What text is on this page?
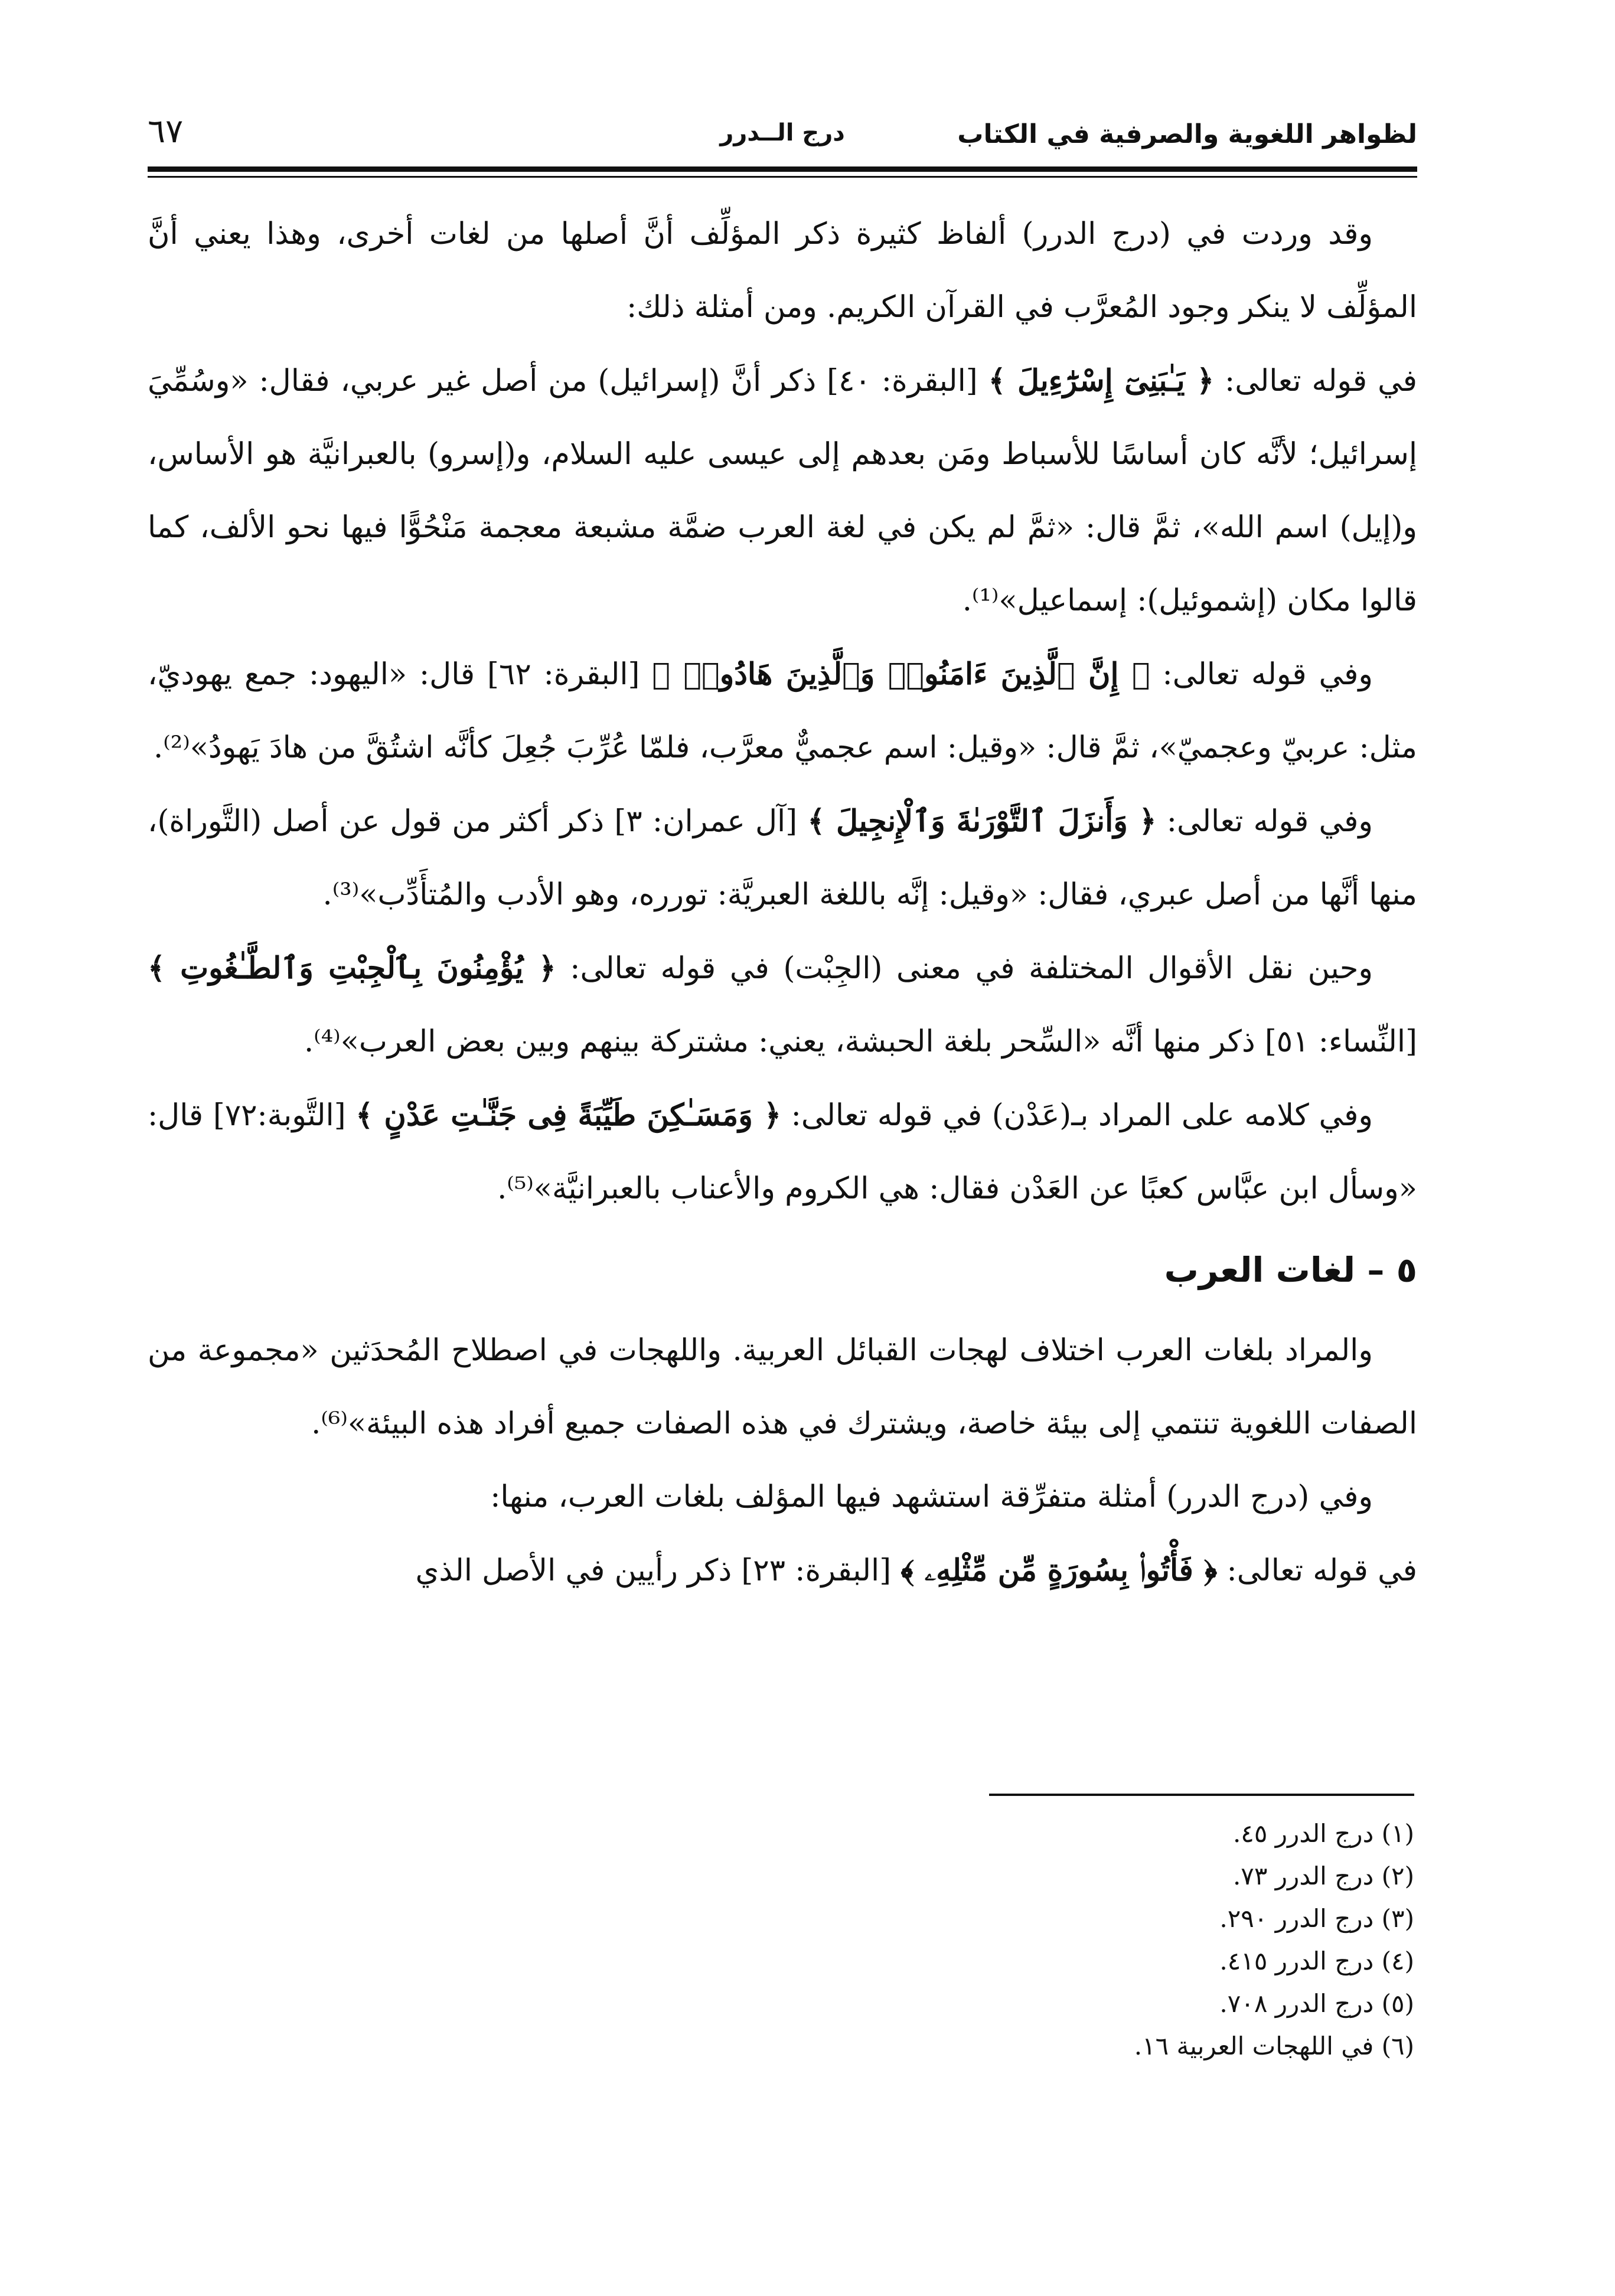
لظواهر اللغوية والصرفية في الكتاب
درج الــدرر
٦٧

وقد وردت في (درج الدرر) ألفاظ كثيرة ذكر المؤلِّف أنَّ أصلها من لغات أخرى، وهذا يعني أنَّ المؤلِّف لا ينكر وجود المُعرَّب في القرآن الكريم. ومن أمثلة ذلك:

في قوله تعالى: ﴿ يَـٰبَنِىٓ إِسْرَٰٓءِيلَ ﴾ [البقرة: ٤٠] ذكر أنَّ (إسرائيل) من أصل غير عربي، فقال: «وسُمِّيَ إسرائيل؛ لأنَّه كان أساسًا للأسباط ومَن بعدهم إلى عيسى عليه السلام، و(إسرو) بالعبرانيَّة هو الأساس، و(إيل) اسم الله»، ثمَّ قال: «ثمَّ لم يكن في لغة العرب ضمَّة مشبعة معجمة مَنْحُوًّا فيها نحو الألف، كما قالوا مكان (إشموئيل): إسماعيل»⁽¹⁾.

وفي قوله تعالى: ﴿ إِنَّ ٱلَّذِينَ ءَامَنُوا۟ وَٱلَّذِينَ هَادُوا۟ ﴾ [البقرة: ٦٢] قال: «اليهود: جمع يهوديّ، مثل: عربيّ وعجميّ»، ثمَّ قال: «وقيل: اسم عجميٌّ معرَّب، فلمّا عُرِّبَ جُعِلَ كأنَّه اشتُقَّ من هادَ يَهودُ»⁽²⁾.

وفي قوله تعالى: ﴿ وَأَنزَلَ ٱلتَّوْرَىٰةَ وَٱلْإِنجِيلَ ﴾ [آل عمران: ٣] ذكر أكثر من قول عن أصل (التَّوراة)، منها أنَّها من أصل عبري، فقال: «وقيل: إنَّه باللغة العبريَّة: تورره، وهو الأدب والمُتأَدِّب»⁽³⁾.

وحين نقل الأقوال المختلفة في معنى (الجِبْت) في قوله تعالى: ﴿ يُؤْمِنُونَ بِٱلْجِبْتِ وَٱلطَّـٰغُوتِ ﴾ [النِّساء: ٥١] ذكر منها أنَّه «السِّحر بلغة الحبشة، يعني: مشتركة بينهم وبين بعض العرب»⁽⁴⁾.

وفي كلامه على المراد بـ(عَدْن) في قوله تعالى: ﴿ وَمَسَـٰكِنَ طَيِّبَةً فِى جَنَّـٰتِ عَدْنٍ ﴾ [التَّوبة:٧٢] قال: «وسأل ابن عبَّاس كعبًا عن العَدْن فقال: هي الكروم والأعناب بالعبرانيَّة»⁽⁵⁾.

٥ – لغات العرب

والمراد بلغات العرب اختلاف لهجات القبائل العربية. واللهجات في اصطلاح المُحدَثين «مجموعة من الصفات اللغوية تنتمي إلى بيئة خاصة، ويشترك في هذه الصفات جميع أفراد هذه البيئة»⁽⁶⁾.

وفي (درج الدرر) أمثلة متفرِّقة استشهد فيها المؤلف بلغات العرب، منها:

في قوله تعالى: ﴿ فَأْتُوا۟ بِسُورَةٍ مِّن مِّثْلِهِۦ ﴾ [البقرة: ٢٣] ذكر رأيين في الأصل الذي

(١) درج الدرر ٤٥.
(٢) درج الدرر ٧٣.
(٣) درج الدرر ٢٩٠.
(٤) درج الدرر ٤١٥.
(٥) درج الدرر ٧٠٨.
(٦) في اللهجات العربية ١٦.
